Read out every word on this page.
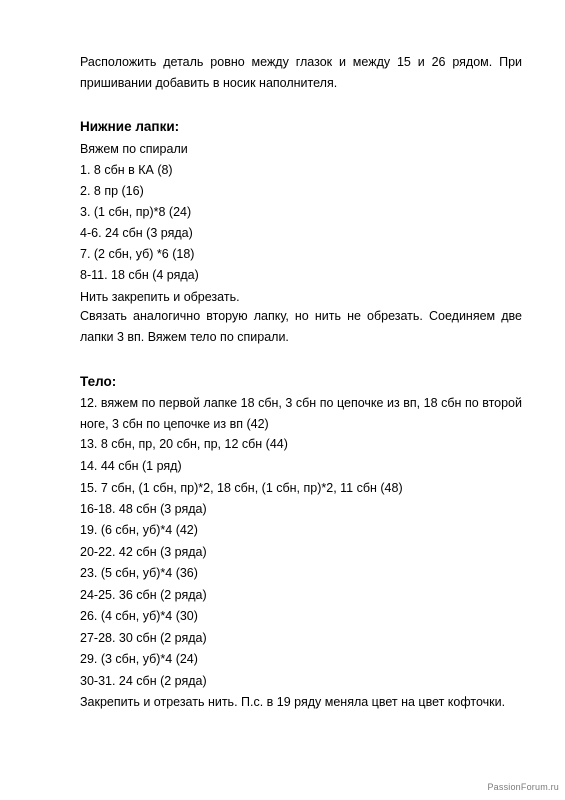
Расположить деталь ровно между глазок и между 15 и 26 рядом. При пришивании добавить в носик наполнителя.

Нижние лапки:

Вяжем по спирали

1. 8 сбн в КА (8)

2. 8 пр (16)

3. (1 сбн, пр)*8 (24)

4-6. 24 сбн (3 ряда)

7. (2 сбн, уб) *6 (18)

8-11. 18 сбн (4 ряда)

Нить закрепить и обрезать.

Связать аналогично вторую лапку, но нить не обрезать. Соединяем две лапки 3 вп. Вяжем тело по спирали.

Тело:

12. вяжем по первой лапке 18 сбн, 3 сбн по цепочке из вп, 18 сбн по второй ноге, 3 сбн по цепочке из вп (42)

13. 8 сбн, пр, 20 сбн, пр, 12 сбн (44)

14. 44 сбн (1 ряд)

15. 7 сбн, (1 сбн, пр)*2, 18 сбн, (1 сбн, пр)*2, 11 сбн (48)

16-18. 48 сбн (3 ряда)

19. (6 сбн, уб)*4 (42)

20-22. 42 сбн (3 ряда)

23. (5 сбн, уб)*4 (36)

24-25. 36 сбн (2 ряда)

26. (4 сбн, уб)*4 (30)

27-28. 30 сбн (2 ряда)

29. (3 сбн, уб)*4 (24)

30-31. 24 сбн (2 ряда)

Закрепить и отрезать нить. П.с. в 19 ряду меняла цвет на цвет кофточки.

PassionForum.ru
